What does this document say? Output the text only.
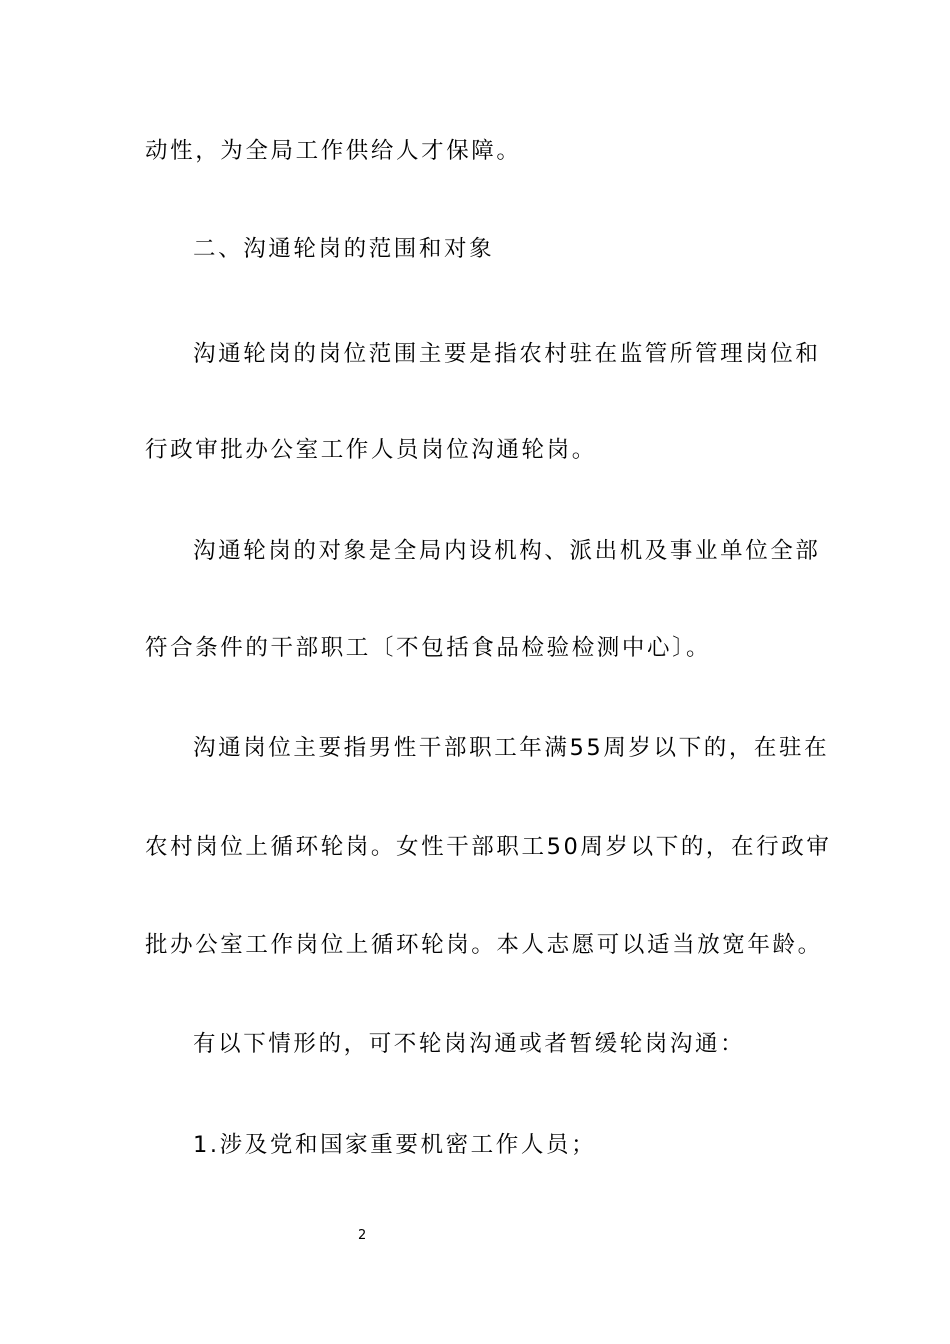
动性，为全局工作供给人才保障。

二、沟通轮岗的范围和对象

沟通轮岗的岗位范围主要是指农村驻在监管所管理岗位和

行政审批办公室工作人员岗位沟通轮岗。

沟通轮岗的对象是全局内设机构、派出机及事业单位全部

符合条件的干部职工〔不包括食品检验检测中心〕。

沟通岗位主要指男性干部职工年满55周岁以下的，在驻在

农村岗位上循环轮岗。女性干部职工50周岁以下的，在行政审

批办公室工作岗位上循环轮岗。本人志愿可以适当放宽年龄。

有以下情形的，可不轮岗沟通或者暂缓轮岗沟通：

1.涉及党和国家重要机密工作人员；

2
